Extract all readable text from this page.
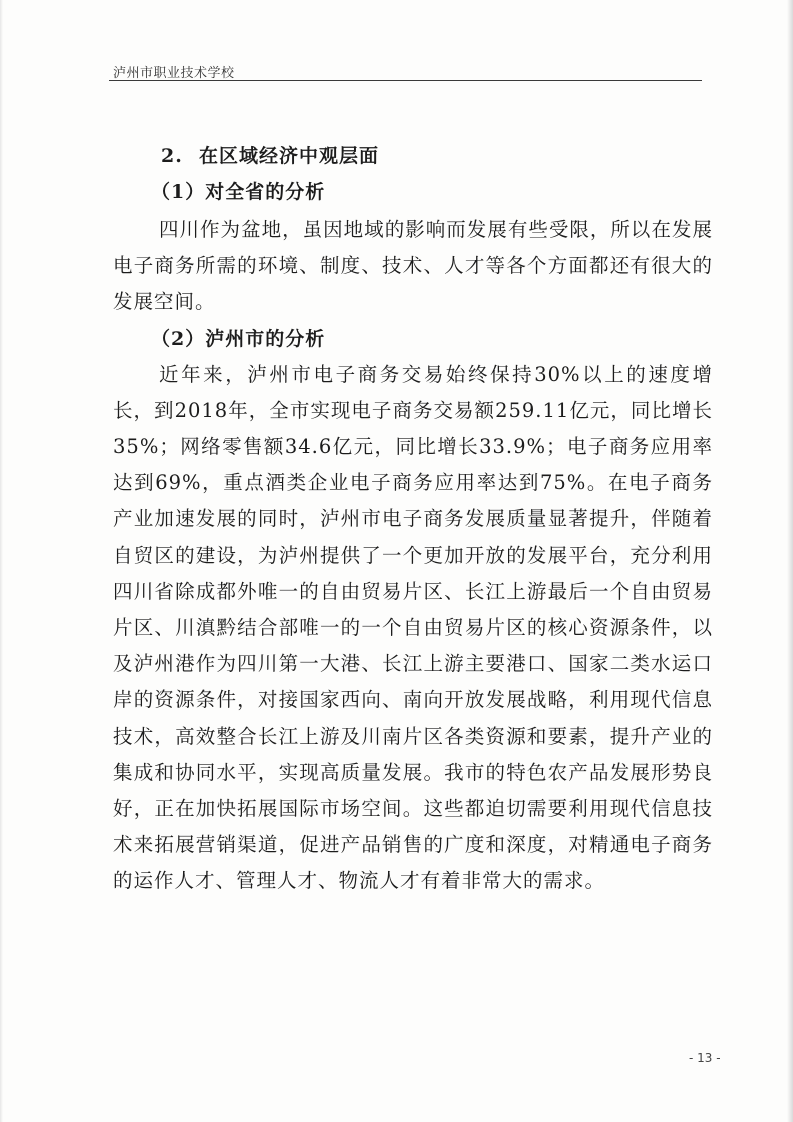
泸州市职业技术学校
2. 在区域经济中观层面
（1）对全省的分析

四川作为盆地，虽因地域的影响而发展有些受限，所以在发展电子商务所需的环境、制度、技术、人才等各个方面都还有很大的发展空间。

（2）泸州市的分析

近年来，泸州市电子商务交易始终保持30%以上的速度增长，到2018年，全市实现电子商务交易额259.11亿元，同比增长35%；网络零售额34.6亿元，同比增长33.9%；电子商务应用率达到69%，重点酒类企业电子商务应用率达到75%。在电子商务产业加速发展的同时，泸州市电子商务发展质量显著提升，伴随着自贸区的建设，为泸州提供了一个更加开放的发展平台，充分利用四川省除成都外唯一的自由贸易片区、长江上游最后一个自由贸易片区、川滇黔结合部唯一的一个自由贸易片区的核心资源条件，以及泸州港作为四川第一大港、长江上游主要港口、国家二类水运口岸的资源条件，对接国家西向、南向开放发展战略，利用现代信息技术，高效整合长江上游及川南片区各类资源和要素，提升产业的集成和协同水平，实现高质量发展。我市的特色农产品发展形势良好，正在加快拓展国际市场空间。这些都迫切需要利用现代信息技术来拓展营销渠道，促进产品销售的广度和深度，对精通电子商务的运作人才、管理人才、物流人才有着非常大的需求。

- 13 -
